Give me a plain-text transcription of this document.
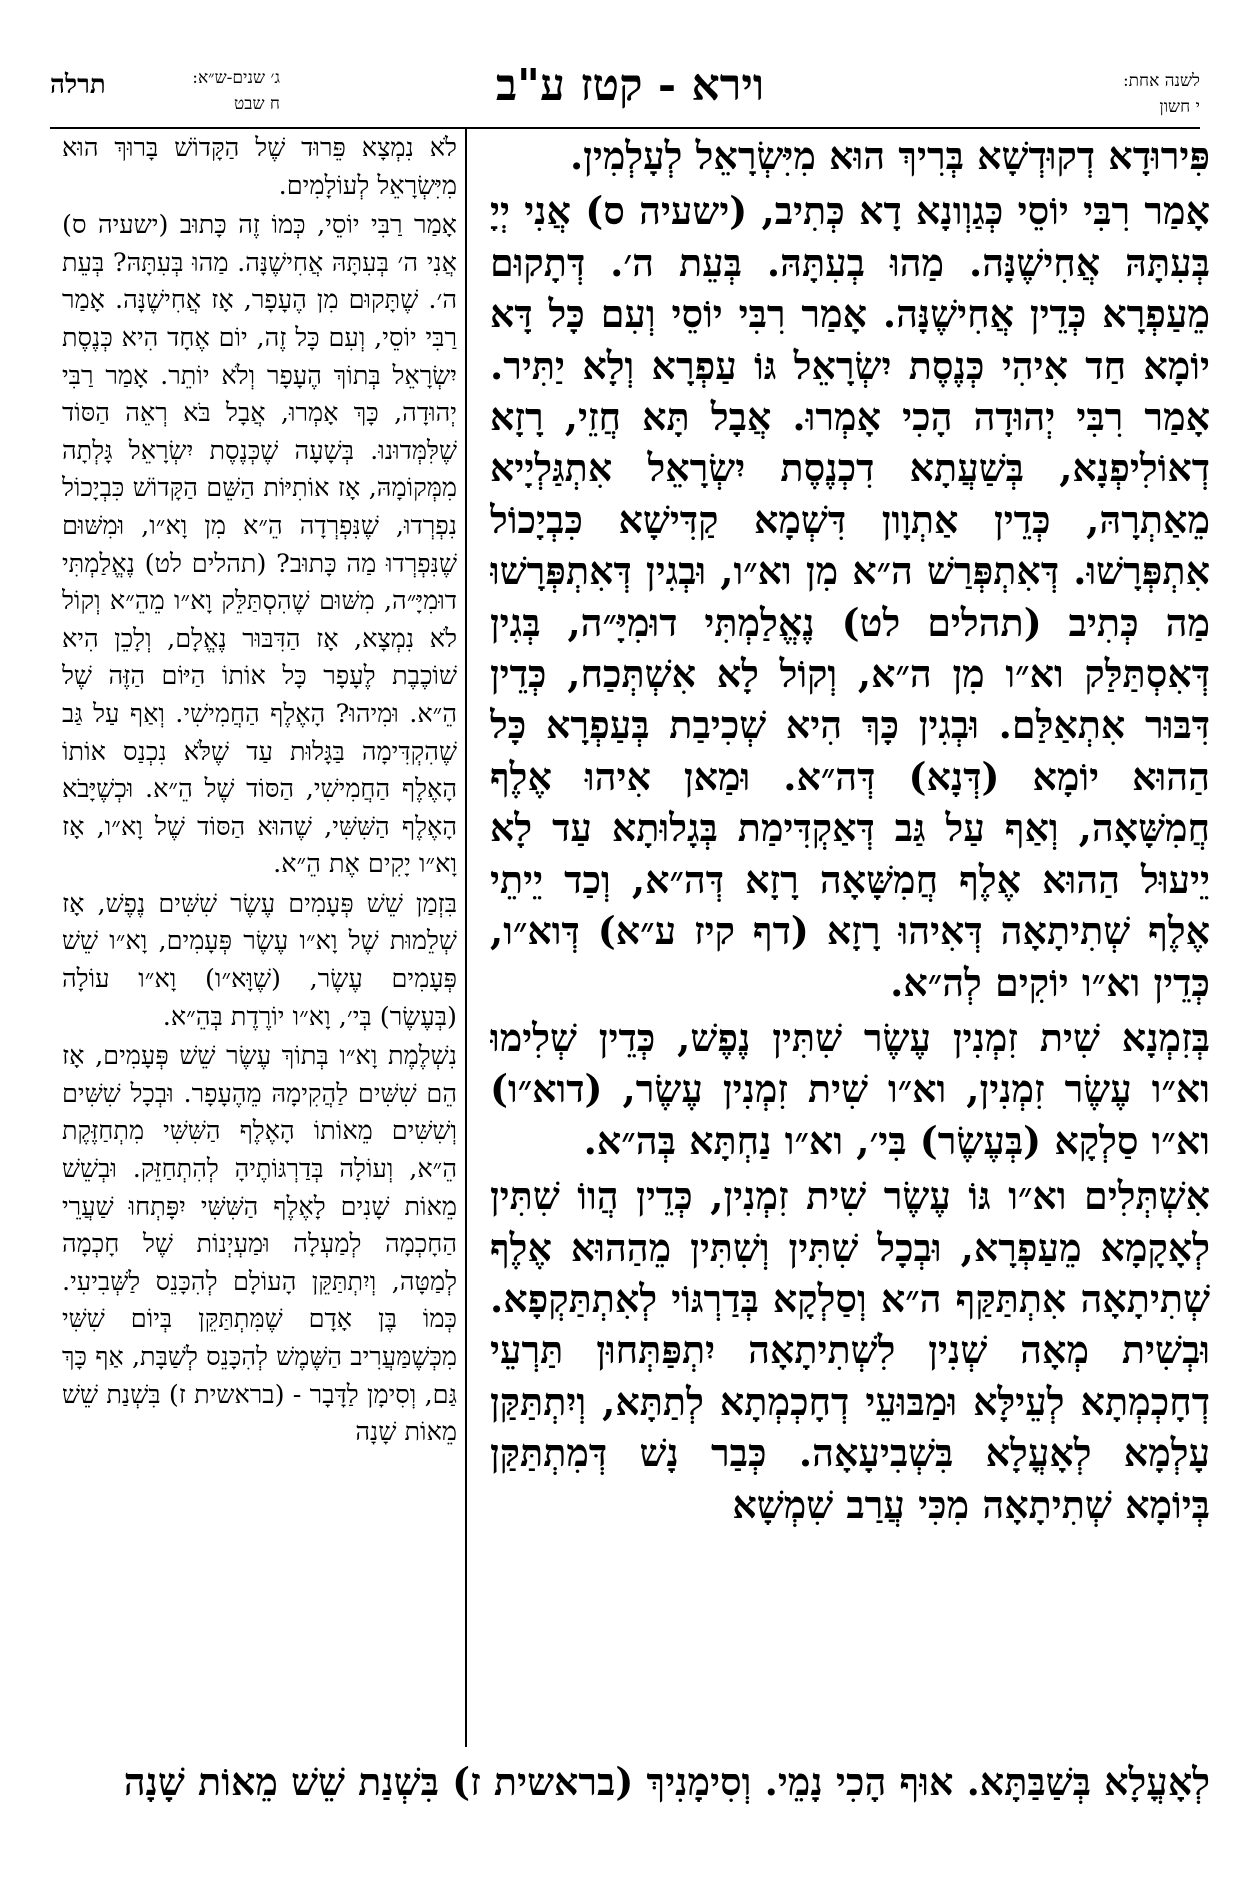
תרלה	ג׳ שנים-ש״א:
ח שבט	וירא - קטז ע"ב	לשנה אחת:
י חשון

פִּירוּדָא דְקוּדְשָׁא בְּרִיךְ הוּא מִיִּשְׂרָאֵל לְעָלְמִין.

אָמַר רִבִּי יוֹסֵי כְּגַוְונָא דָא כְּתִיב, (ישעיה ס) אֲנִי יְיָ בְּעִתָּהּ אֲחִישֶׁנָּה. מַהוּ בְעִתָּהּ. בְּעֵת ה׳. דְּתָקוּם מֵעַפְרָא כְּדֵין אֲחִישֶׁנָּה. אָמַר רִבִּי יוֹסֵי וְעִם כָּל דָּא יוֹמָא חַד אִיהִי כְּנֶסֶת יִשְׂרָאֵל גּוֹ עַפְרָא וְלָא יַתִּיר. אָמַר רִבִּי יְהוּדָה הָכִי אָמְרוּ. אֲבָל תָּא חֲזֵי, רָזָא דְאוֹלִיפְנָא, בְּשַׁעֲתָא דִכְנֶסֶת יִשְׂרָאֵל אִתְגַּלְיָיא מֵאַתְרָהּ, כְּדֵין אַתְוָון דִּשְׁמָא קַדִּישָׁא כִּבְיָכוֹל אִתְפְּרָשׁוּ. דְּאִתְפְּרַשׁ ה״א מִן וא״ו, וּבְגִין דְּאִתְפְּרָשׁוּ מַה כְּתִיב (תהלים לט) נֶאֱלַמְתִּי דוּמִיָּ״ה, בְּגִין דְּאִסְתַּלַּק וא״ו מִן ה״א, וְקוֹל לָא אִשְׁתְּכַח, כְּדֵין דִּבּוּר אִתְאַלַּם. וּבְגִין כָּךְ הִיא שְׁכִיבַת בְּעַפְרָא כָּל הַהוּא יוֹמָא (דְּנָא) דְּה״א. וּמַאן אִיהוּ אֶלֶף חֲמִשָּׁאָה, וְאַף עַל גַּב דְּאַקְדִּימַת בְּגָלוּתָא עַד לָא יֵיעוּל הַהוּא אֶלֶף חֲמִשָּׁאָה רָזָא דְּה״א, וְכַד יֵיתֵי אֶלֶף שְׁתִיתָאָה דְּאִיהוּ רָזָא (דף קיז ע״א) דְּוא״ו, כְּדֵין וא״ו יוֹקִים לְה״א.

בְּזִמְנָא שִׁית זִמְנִין עֶשֶׂר שִׁתִּין נֶפֶשׁ, כְּדֵין שְׁלִימוּ וא״ו עֶשֶׂר זִמְנִין, וא״ו שִׁית זִמְנִין עֶשֶׂר, (דוא״ו) וא״ו סַלְקָא (בְּעֶשֶׂר) בִּי׳, וא״ו נַחְתָּא בְּה״א.

אִשְׁתְּלִים וא״ו גּוֹ עֶשֶׂר שִׁית זִמְנִין, כְּדֵין הֲווֹ שִׁתִּין לְאָקָמָא מֵעַפְרָא, וּבְכָל שִׁתִּין וְשִׁתִּין מֵהַהוּא אֶלֶף שְׁתִיתָאָה אִתְתַּקַּף ה״א וְסַלְקָא בְּדַרְגּוֹי לְאִתְתַּקְפָא. וּבְשִׁית מְאָה שְׁנִין לִשְׁתִיתָאָה יִתְפַּתְּחוּן תַּרְעֵי דְחָכְמְתָא לְעֵילָּא וּמַבּוּעֵי דְחָכְמְתָא לְתַתָּא, וְיִתְתַּקַּן עָלְמָא לְאָעֳלָא בִּשְׁבִיעָאָה. כְּבַר נָשׁ דְּמִתְתַּקַּן בְּיוֹמָא שְׁתִיתָאָה מִכִּי עֲרַב שִׁמְשָׁא

לֹא נִמְצָא פֵּרוּד שֶׁל הַקָּדוֹשׁ בָּרוּךְ הוּא מִיִּשְׂרָאֵל לְעוֹלָמִים.

אָמַר רַבִּי יוֹסֵי, כְּמוֹ זֶה כָּתוּב (ישעיה ס) אֲנִי ה׳ בְּעִתָּהּ אֲחִישֶׁנָּה. מַהוּ בְּעִתָּהּ? בְּעֵת ה׳. שֶׁתָּקוּם מִן הֶעָפָר, אָז אֲחִישֶׁנָּה. אָמַר רַבִּי יוֹסֵי, וְעִם כָּל זֶה, יוֹם אֶחָד הִיא כְּנֶסֶת יִשְׂרָאֵל בְּתוֹךְ הֶעָפָר וְלֹא יוֹתֵר. אָמַר רַבִּי יְהוּדָה, כָּךְ אָמְרוּ, אֲבָל בֹּא רְאֵה הַסּוֹד שֶׁלִּמְּדוּנוּ. בְּשָׁעָה שֶׁכְּנֶסֶת יִשְׂרָאֵל גָּלְתָה מִמְּקוֹמָהּ, אָז אוֹתִיּוֹת הַשֵּׁם הַקָּדוֹשׁ כִּבְיָכוֹל נִפְרְדוּ, שֶׁנִּפְרְדָה הֵ״א מִן וָא״ו, וּמִשּׁוּם שֶׁנִּפְרְדוּ מַה כָּתוּב? (תהלים לט) נֶאֱלַמְתִּי דוּמִיָּ״ה, מִשּׁוּם שֶׁהִסְתַּלֵּק וָא״ו מֵהֵ״א וְקוֹל לֹא נִמְצָא, אָז הַדִּבּוּר נֶאֱלָם, וְלָכֵן הִיא שׁוֹכֶבֶת לֶעָפָר כָּל אוֹתוֹ הַיּוֹם הַזֶּה שֶׁל הֵ״א. וּמִיהוּ? הָאֶלֶף הַחֲמִישִׁי. וְאַף עַל גַּב שֶׁהִקְדִּימָה בַּגָּלוּת עַד שֶׁלֹּא נִכְנַס אוֹתוֹ הָאֶלֶף הַחֲמִישִׁי, הַסּוֹד שֶׁל הֵ״א. וּכְשֶׁיָּבֹא הָאֶלֶף הַשִּׁשִּׁי, שֶׁהוּא הַסּוֹד שֶׁל וָא״ו, אָז וָא״ו יָקִים אֶת הֵ״א.

בִּזְמַן שֵׁשׁ פְּעָמִים עֶשֶׂר שִׁשִּׁים נֶפֶשׁ, אָז שְׁלֵמוּת שֶׁל וָא״ו עֶשֶׂר פְּעָמִים, וָא״ו שֵׁשׁ פְּעָמִים עֶשֶׂר, (שֶׁוָּא״ו) וָא״ו עוֹלָה (בְּעֶשֶׂר) בְּי׳, וָא״ו יוֹרֶדֶת בְּהֵ״א.

נִשְׁלֶמֶת וָא״ו בְּתוֹךְ עֶשֶׂר שֵׁשׁ פְּעָמִים, אָז הֵם שִׁשִּׁים לַהֲקִימָהּ מֵהֶעָפָר. וּבְכָל שִׁשִּׁים וְשִׁשִּׁים מֵאוֹתוֹ הָאֶלֶף הַשִּׁשִּׁי מִתְחַזֶּקֶת הֵ״א, וְעוֹלָה בְּדַרְגּוֹתֶיהָ לְהִתְחַזֵּק. וּבְשֵׁשׁ מֵאוֹת שָׁנִים לָאֶלֶף הַשִּׁשִּׁי יִפָּתְחוּ שַׁעֲרֵי הַחָכְמָה לְמַעְלָה וּמַעְיְנוֹת שֶׁל חָכְמָה לְמַטָּה, וְיִתְתַּקֵּן הָעוֹלָם לְהִכָּנֵס לַשְּׁבִיעִי. כְּמוֹ בֶּן אָדָם שֶׁמִּתְתַּקֵּן בְּיוֹם שִׁשִּׁי מִכְּשֶׁמַּעֲרִיב הַשֶּׁמֶשׁ לְהִכָּנֵס לְשַׁבָּת, אַף כָּךְ גַּם, וְסִימָן לַדָּבָר - (בראשית ז) בִּשְׁנַת שֵׁשׁ מֵאוֹת שָׁנָה

לְאָעֳלָא בְּשַׁבַּתָּא. אוּף הָכִי נָמֵי. וְסִימָנִיךְ (בראשית ז) בִּשְׁנַת שֵׁשׁ מֵאוֹת שָׁנָה
